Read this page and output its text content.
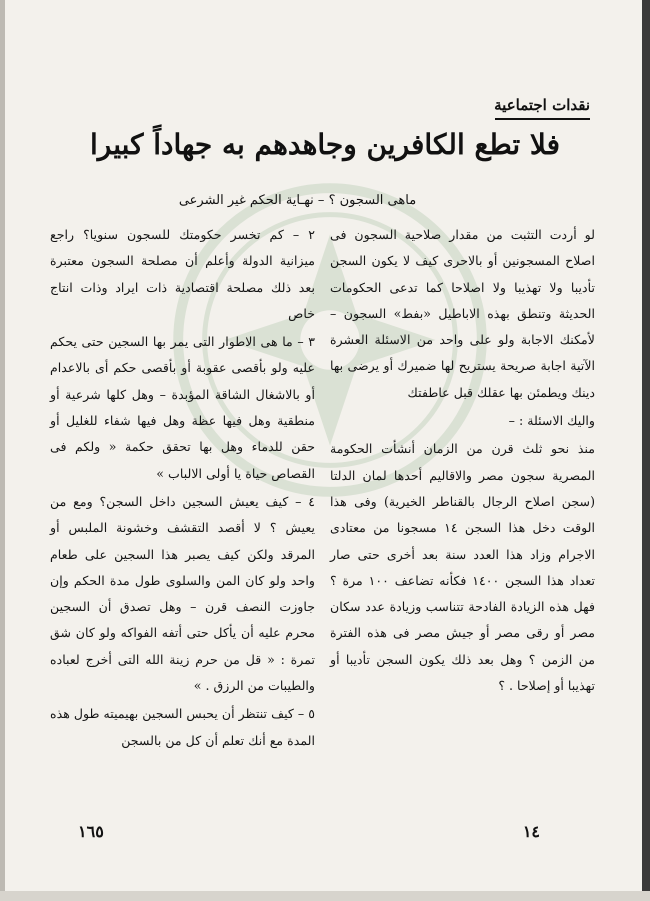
نقدات اجتماعية
فلا تطع الكافرين وجاهدهم به جهاداً كبيرا
ماهى السجون ؟ – نهـاية الحكم غير الشرعى

لو أردت التثبت من مقدار صلاحية السجون فى اصلاح المسجونين أو بالاحرى كيف لا يكون السجن تأديبا ولا تهذيبا ولا اصلاحا كما تدعى الحكومات الحديثة وتنطق بهذه الاباطيل «بفط» السجون – لأمكنك الاجابة ولو على واحد من الاسئلة العشرة الآتية اجابة صريحة يستريح لها ضميرك أو يرضى بها دينك ويطمئن بها عقلك قبل عاطفتك

واليك الاسئلة : –

منذ نحو ثلث قرن من الزمان أنشأت الحكومة المصرية سجون مصر والاقاليم أحدها لمان الدلتا (سجن اصلاح الرجال بالقناطر الخيرية) وفى هذا الوقت دخل هذا السجن ١٤ مسجونا من معتادى الاجرام وزاد هذا العدد سنة بعد أخرى حتى صار تعداد هذا السجن ١٤٠٠ فكأنه تضاعف ١٠٠ مرة ؟ فهل هذه الزيادة الفادحة تتناسب وزيادة عدد سكان مصر أو رقى مصر أو جيش مصر فى هذه الفترة من الزمن ؟ وهل بعد ذلك يكون السجن تأديبا أو تهذيبا أو إصلاحا . ؟

٢ – كم تخسر حكومتك للسجون سنويا؟ راجع ميزانية الدولة وأعلم أن مصلحة السجون معتبرة بعد ذلك مصلحة اقتصادية ذات ايراد وذات انتاج خاص

٣ – ما هى الاطوار التى يمر بها السجين حتى يحكم عليه ولو بأقصى عقوبة أو بأقصى حكم أى بالاعدام أو بالاشغال الشاقة المؤبدة – وهل كلها شرعية أو منطقية وهل فيها عظة وهل فيها شفاء للغليل أو حقن للدماء وهل بها تحقق حكمة « ولكم فى القصاص حياة يا أولى الالباب »

٤ – كيف يعيش السجين داخل السجن؟ ومع من يعيش ؟ لا أقصد التقشف وخشونة الملبس أو المرقد ولكن كيف يصبر هذا السجين على طعام واحد ولو كان المن والسلوى طول مدة الحكم وإن جاوزت النصف قرن – وهل تصدق أن السجين محرم عليه أن يأكل حتى أتفه الفواكه ولو كان شق تمرة : « قل من حرم زينة الله التى أخرج لعباده والطيبات من الرزق . »

٥ – كيف تنتظر أن يحبس السجين بهيميته طول هذه المدة مع أنك تعلم أن كل من بالسجن

١٤
١٦٥
